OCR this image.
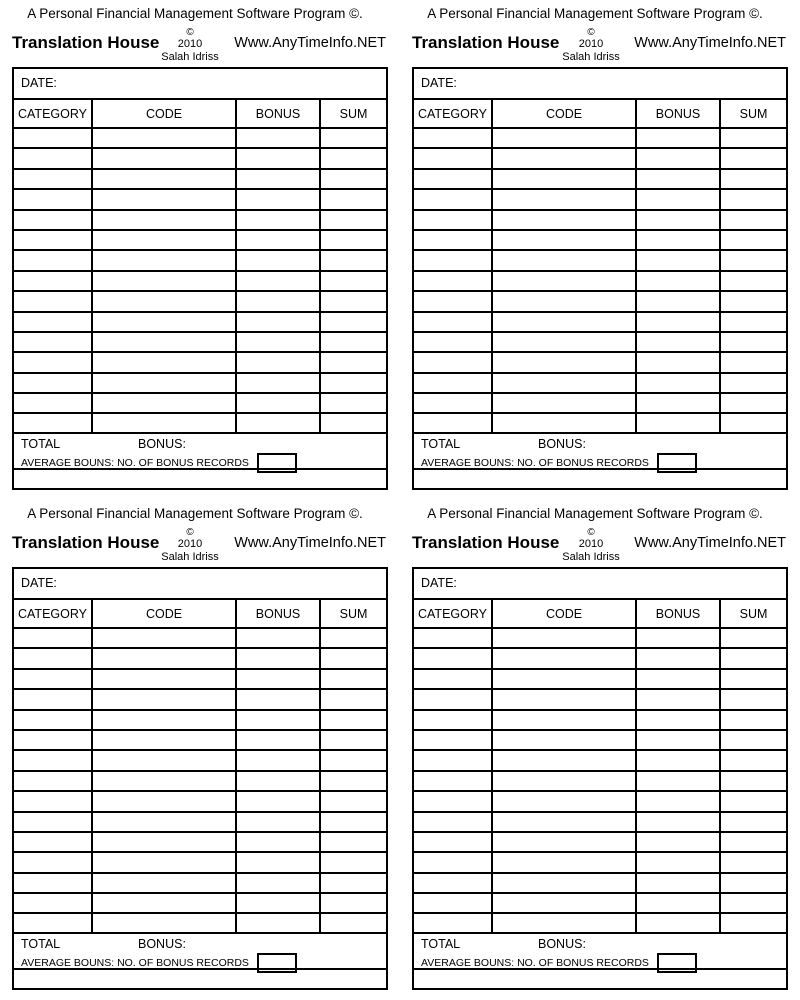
A Personal Financial Management Software Program ©.
Translation House
©
2010
Salah Idriss
Www.AnyTimeInfo.NET
DATE:
CATEGORY	CODE	BONUS	SUM

TOTAL	BONUS:
AVERAGE BOUNS: NO. OF BONUS RECORDS
A Personal Financial Management Software Program ©.
Translation House
©
2010
Salah Idriss
Www.AnyTimeInfo.NET
DATE:
CATEGORY	CODE	BONUS	SUM

TOTAL	BONUS:
AVERAGE BOUNS: NO. OF BONUS RECORDS
A Personal Financial Management Software Program ©.
Translation House
©
2010
Salah Idriss
Www.AnyTimeInfo.NET
DATE:
CATEGORY	CODE	BONUS	SUM

TOTAL	BONUS:
AVERAGE BOUNS: NO. OF BONUS RECORDS
A Personal Financial Management Software Program ©.
Translation House
©
2010
Salah Idriss
Www.AnyTimeInfo.NET
DATE:
CATEGORY	CODE	BONUS	SUM

TOTAL	BONUS:
AVERAGE BOUNS: NO. OF BONUS RECORDS
